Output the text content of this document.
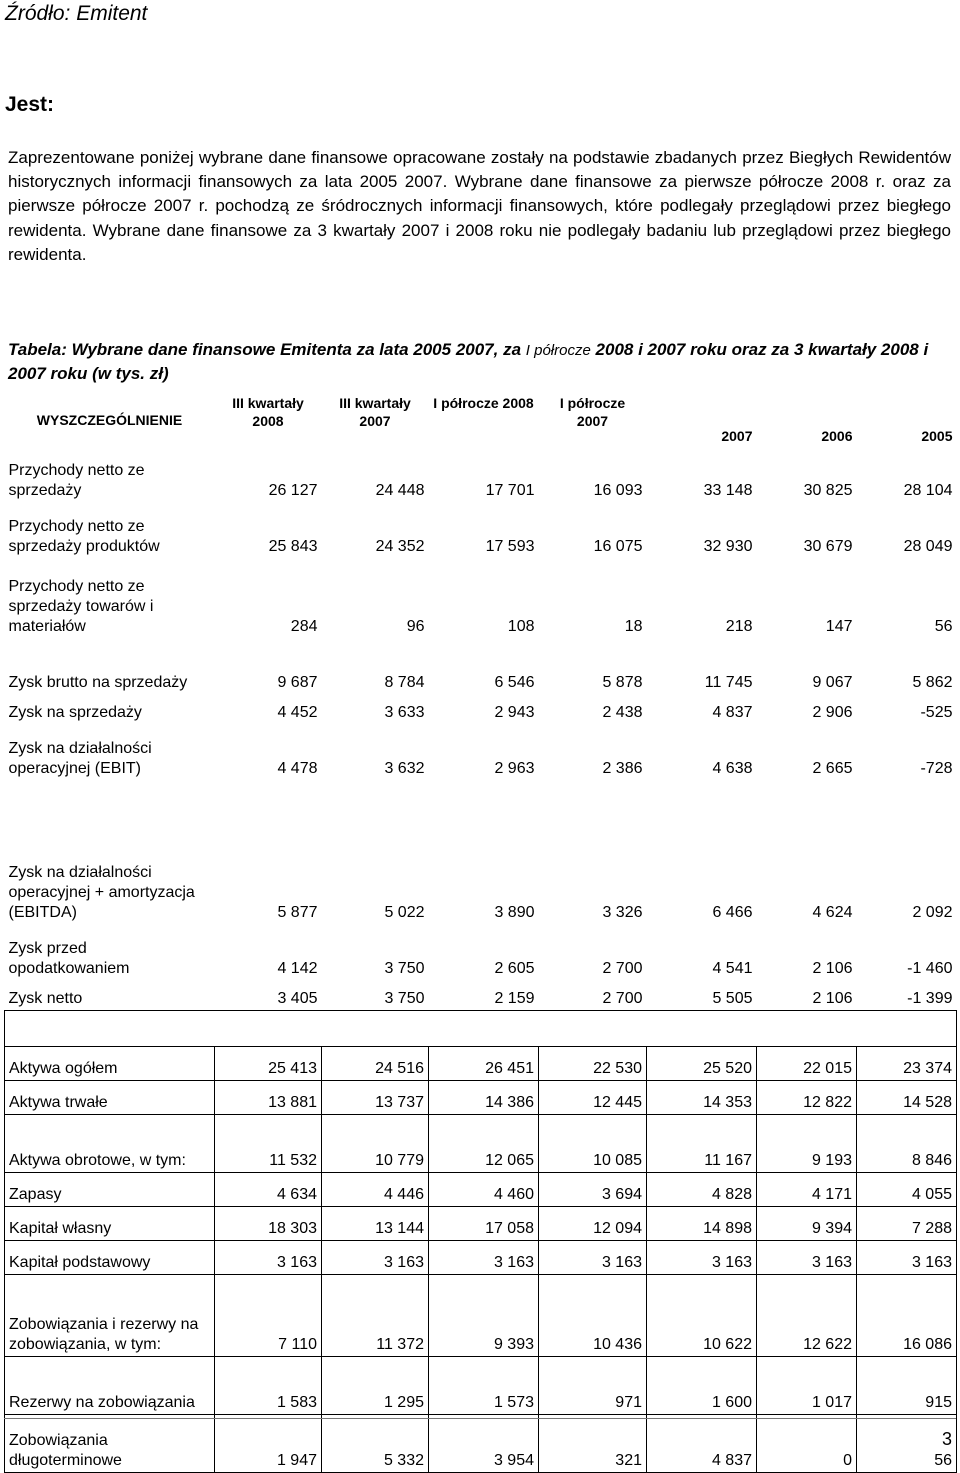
Źródło: Emitent
Jest:

Zaprezentowane poniżej wybrane dane finansowe opracowane zostały na podstawie zbadanych przez Biegłych Rewidentów historycznych informacji finansowych za lata 2005 2007. Wybrane dane finansowe za pierwsze półrocze 2008 r. oraz za pierwsze półrocze 2007 r. pochodzą ze śródrocznych informacji finansowych, które podlegały przeglądowi przez biegłego rewidenta. Wybrane dane finansowe za 3 kwartały 2007 i 2008 roku nie podlegały badaniu lub przeglądowi przez biegłego rewidenta.

Tabela: Wybrane dane finansowe Emitenta za lata 2005 2007, za I półrocze 2008 i 2007 roku oraz za 3 kwartały 2008 i 2007 roku (w tys. zł)

WYSZCZEGÓLNIENIE	III kwartały 2008	III kwartały 2007	I półrocze 2008	I półrocze 2007	2007	2006	2005
Przychody netto ze sprzedaży	26 127	24 448	17 701	16 093	33 148	30 825	28 104
Przychody netto ze sprzedaży produktów	25 843	24 352	17 593	16 075	32 930	30 679	28 049
Przychody netto ze sprzedaży towarów i materiałów	284	96	108	18	218	147	56
Zysk brutto na sprzedaży	9 687	8 784	6 546	5 878	11 745	9 067	5 862
Zysk na sprzedaży	4 452	3 633	2 943	2 438	4 837	2 906	-525
Zysk na działalności operacyjnej (EBIT)	4 478	3 632	2 963	2 386	4 638	2 665	-728

Zysk na działalności operacyjnej + amortyzacja (EBITDA)	5 877	5 022	3 890	3 326	6 466	4 624	2 092
Zysk przed opodatkowaniem	4 142	3 750	2 605	2 700	4 541	2 106	-1 460
Zysk netto	3 405	3 750	2 159	2 700	5 505	2 106	-1 399

Aktywa ogółem	25 413	24 516	26 451	22 530	25 520	22 015	23 374
Aktywa trwałe	13 881	13 737	14 386	12 445	14 353	12 822	14 528
Aktywa obrotowe, w tym:	11 532	10 779	12 065	10 085	11 167	9 193	8 846
Zapasy	4 634	4 446	4 460	3 694	4 828	4 171	4 055
Kapitał własny	18 303	13 144	17 058	12 094	14 898	9 394	7 288
Kapitał podstawowy	3 163	3 163	3 163	3 163	3 163	3 163	3 163
Zobowiązania i rezerwy na zobowiązania, w tym:	7 110	11 372	9 393	10 436	10 622	12 622	16 086
Rezerwy na zobowiązania	1 583	1 295	1 573	971	1 600	1 017	915
Zobowiązania długoterminowe	1 947	5 332	3 954	321	4 837	0	56
3
